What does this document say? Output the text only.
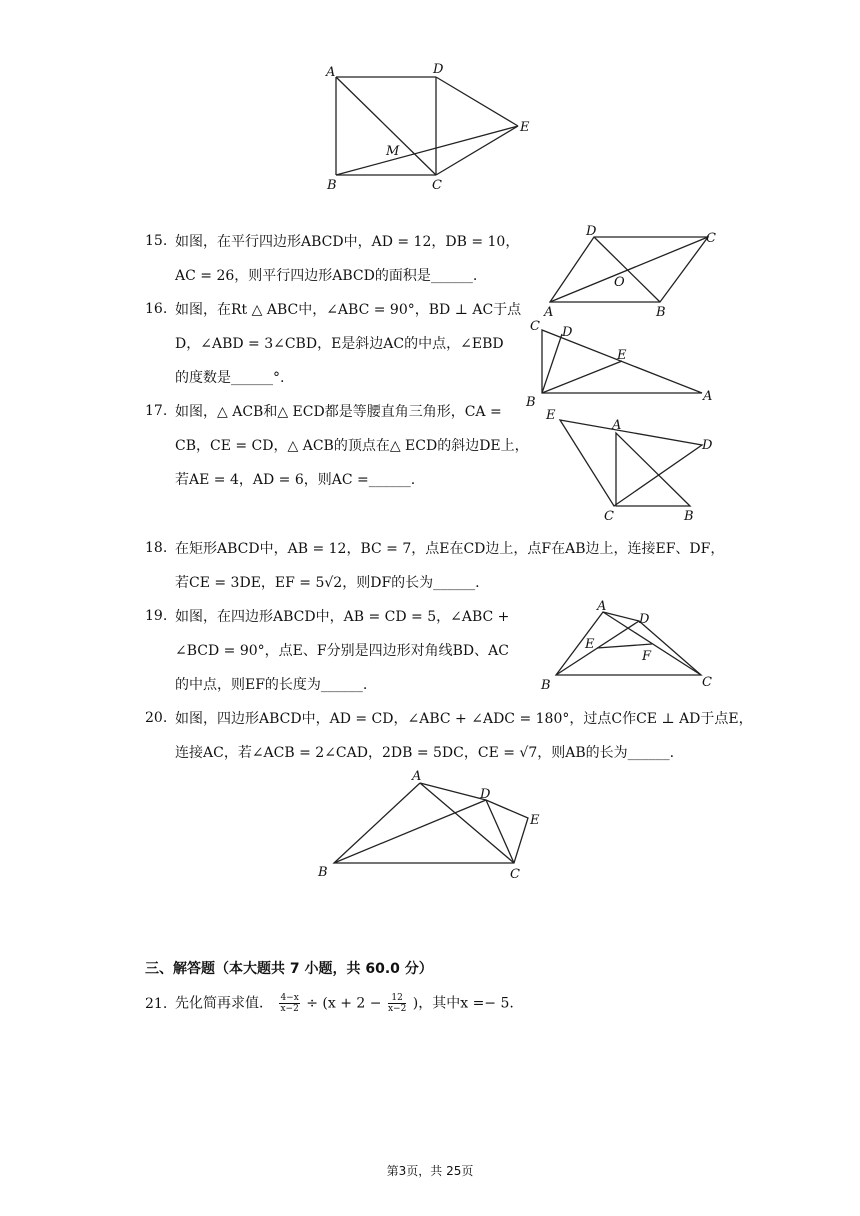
A	D
E
M
B	C
15. 如图，在平行四边形ABCD中，AD = 12，DB = 10，
AC = 26，则平行四边形ABCD的面积是______.
D	C
O
A	B
16. 如图，在Rt △ ABC中，∠ABC = 90°，BD ⊥ AC于点
D，∠ABD = 3∠CBD，E是斜边AC的中点，∠EBD
的度数是______°.
C D
E
B	A
17. 如图，△ ACB和△ ECD都是等腰直角三角形，CA =
CB，CE = CD，△ ACB的顶点在△ ECD的斜边DE上，
若AE = 4，AD = 6，则AC =______.
E
A
D
C	B
18. 在矩形ABCD中，AB = 12，BC = 7，点E在CD边上，点F在AB边上，连接EF、DF，
若CE = 3DE，EF = 5√2，则DF的长为______.
19. 如图，在四边形ABCD中，AB = CD = 5，∠ABC +
∠BCD = 90°，点E、F分别是四边形对角线BD、AC
的中点，则EF的长度为______.
A
D
E
F
B	C
20. 如图，四边形ABCD中，AD = CD，∠ABC + ∠ADC = 180°，过点C作CE ⊥ AD于点E，
连接AC，若∠ACB = 2∠CAD，2DB = 5DC，CE = √7，则AB的长为______.
A
D
E
B	C
三、解答题（本大题共 7 小题，共 60.0 分）
21. 先化简再求值． $\frac{4-x}{x-2} \div (x + 2 - \frac{12}{x-2}$ )，其中x =− 5.
第3页，共 25页
